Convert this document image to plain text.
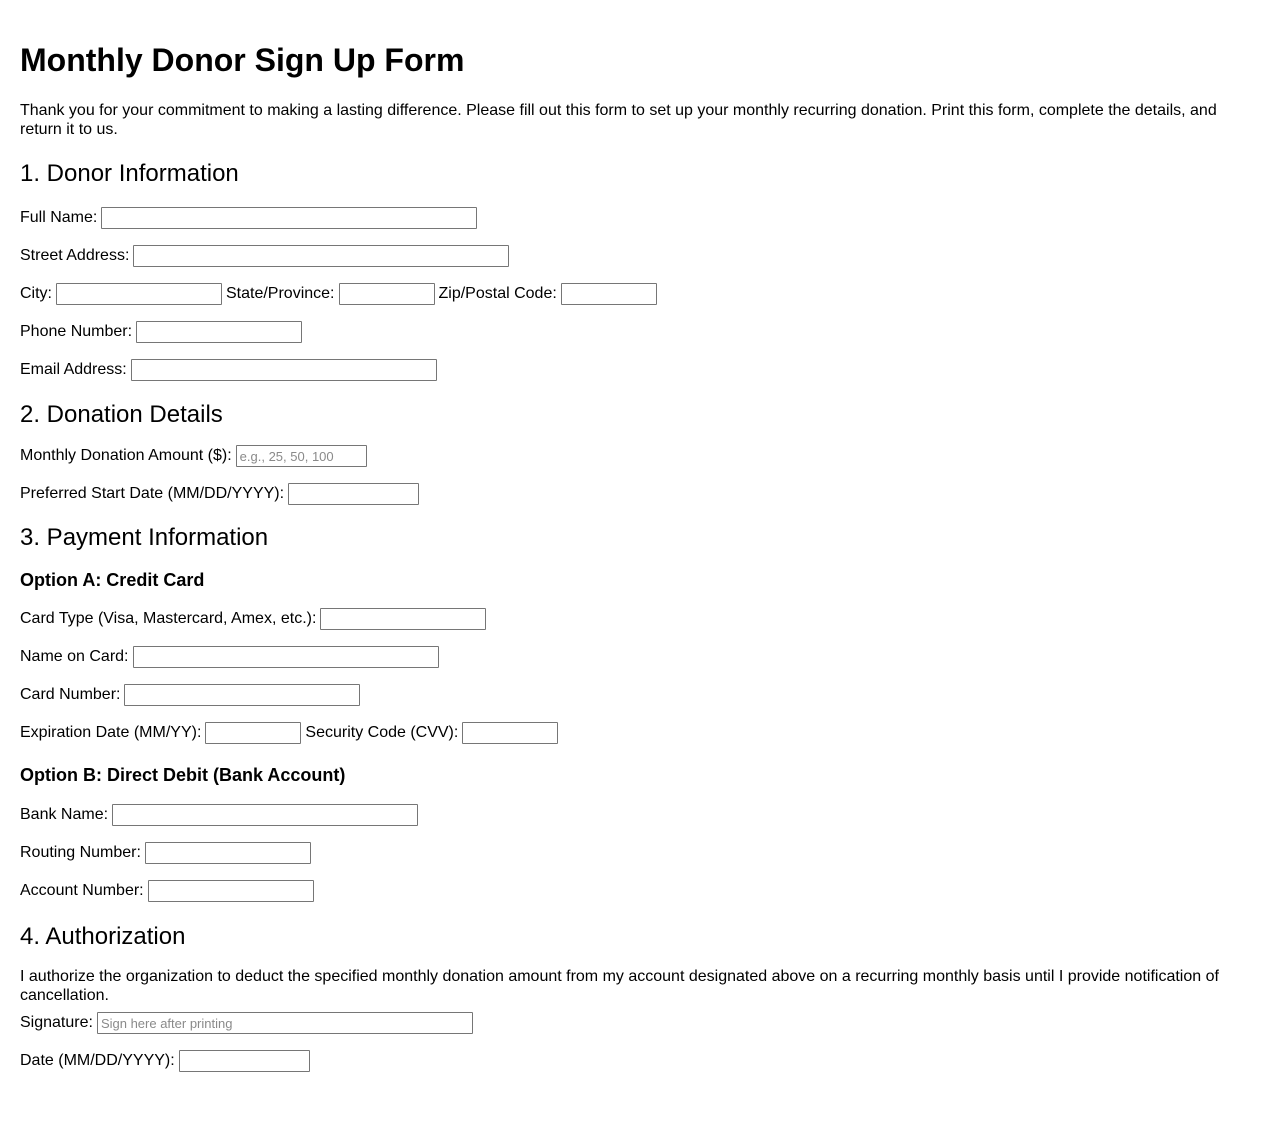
Monthly Donor Sign Up Form

Thank you for your commitment to making a lasting difference. Please fill out this form to set up your monthly recurring donation. Print this form, complete the details, and return it to us.

1. Donor Information
Full Name:
Street Address:
City:	State/Province:	Zip/Postal Code:
Phone Number:
Email Address:
2. Donation Details
Monthly Donation Amount ($):
e.g., 25, 50, 100
Preferred Start Date (MM/DD/YYYY):
3. Payment Information
Option A: Credit Card
Card Type (Visa, Mastercard, Amex, etc.):
Name on Card:
Card Number:
Expiration Date (MM/YY):	Security Code (CVV):
Option B: Direct Debit (Bank Account)
Bank Name:
Routing Number:
Account Number:
4. Authorization

I authorize the organization to deduct the specified monthly donation amount from my account designated above on a recurring monthly basis until I provide notification of cancellation.

Signature:
Sign here after printing
Date (MM/DD/YYYY):
